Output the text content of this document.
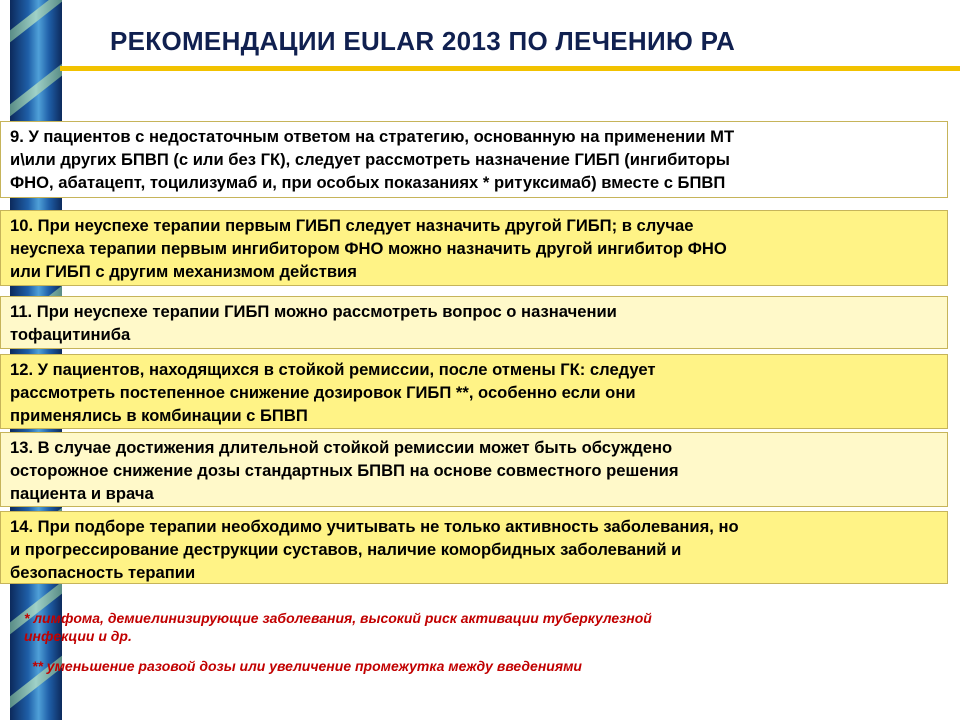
РЕКОМЕНДАЦИИ EULAR 2013 ПО ЛЕЧЕНИЮ РА
9. У пациентов с недостаточным ответом на стратегию, основанную на применении МТ
и\или других БПВП (с или без ГК), следует рассмотреть назначение ГИБП (ингибиторы
ФНО, абатацепт, тоцилизумаб и, при особых показаниях * ритуксимаб) вместе с БПВП
10. При неуспехе терапии первым ГИБП следует назначить другой ГИБП; в случае
неуспеха терапии первым ингибитором ФНО можно назначить другой ингибитор ФНО
или ГИБП с другим механизмом действия
11. При неуспехе терапии ГИБП можно рассмотреть вопрос о назначении
тофацитиниба
12. У пациентов, находящихся в стойкой ремиссии, после отмены ГК: следует
рассмотреть постепенное снижение дозировок ГИБП **, особенно если они
применялись в комбинации с БПВП
13. В случае достижения длительной стойкой ремиссии может быть обсуждено
осторожное снижение дозы стандартных БПВП на основе совместного решения
пациента и врача
14. При подборе терапии необходимо учитывать не только активность заболевания, но
и прогрессирование деструкции суставов, наличие коморбидных заболеваний и
безопасность терапии
* лимфома, демиелинизирующие заболевания, высокий риск активации туберкулезной
инфекции и др.
** уменьшение разовой дозы или увеличение промежутка между введениями
